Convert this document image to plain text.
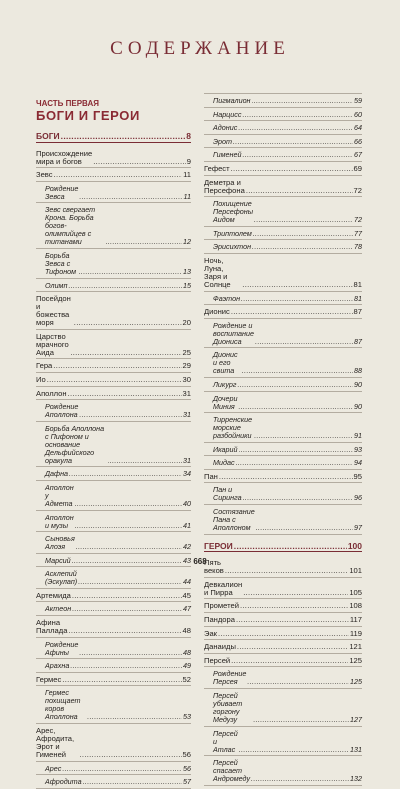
СОДЕРЖАНИЕ
ЧАСТЬ ПЕРВАЯ
БОГИ И ГЕРОИ
БОГИ .....	8
Происхождение мира и богов .....	9
Зевс .....	11
Рождение Зевса .....	11
Зевс свергает Крона. Борьба богов-олимпийцев с титанами .....	12
Борьба Зевса с Тифоном .....	13
Олимп .....	15
Посейдон и божества моря .....	20
Царство мрачного Аида .....	25
Гера .....	29
Ио .....	30
Аполлон .....	31
Рождение Аполлона .....	31
Борьба Аполлона с Пифоном и основание Дельфийского оракула .....	31
Дафна .....	34
Аполлон у Адмета .....	40
Аполлон и музы .....	41
Сыновья Алоэя .....	42
Марсий .....	43
Асклепий (Эскулап) .....	44
Артемида .....	45
Актеон .....	47
Афина Паллада .....	48
Рождение Афины .....	48
Арахна .....	49
Гермес .....	52
Гермес похищает коров Аполлона .....	53
Арес, Афродита, Эрот и Гименей .....	56
Арес .....	56
Афродита .....	57
Пигмалион .....	59
Нарцисс .....	60
Адонис .....	64
Эрот .....	66
Гименей .....	67
Гефест .....	69
Деметра и Персефона .....	72
Похищение Персефоны Аидом .....	72
Триптолем .....	77
Эрисихтон .....	78
Ночь, Луна, Заря и Солнце .....	81
Фаэтон .....	81
Дионис .....	87
Рождение и воспитание Диониса .....	87
Дионис и его свита .....	88
Ликург .....	90
Дочери Миния .....	90
Тирренские морские разбойники .....	91
Икарий .....	93
Мидас .....	94
Пан .....	95
Пан и Сиринга .....	96
Состязание Пана с Аполлоном .....	97
ГЕРОИ .....	100
Пять веков .....	101
Девкалион и Пирра .....	105
Прометей .....	108
Пандора .....	117
Эак .....	119
Данаиды .....	121
Персей .....	125
Рождение Персея .....	125
Персей убивает горгону Медузу .....	127
Персей и Атлас .....	131
Персей спасает Андромеду .....	132
668
